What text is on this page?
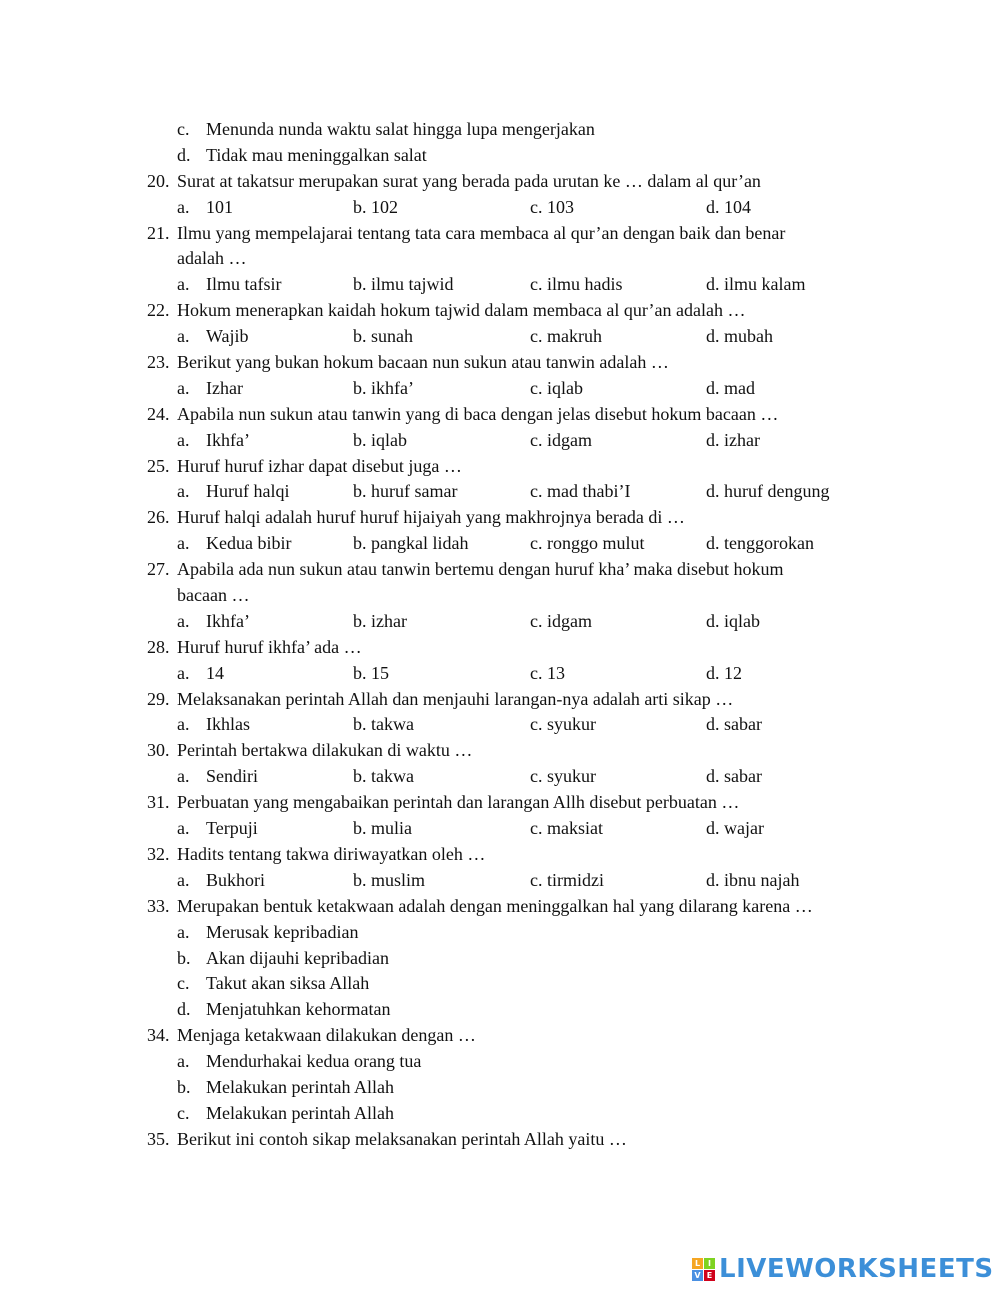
c. Menunda nunda waktu salat hingga lupa mengerjakan
d. Tidak mau meninggalkan salat
20. Surat at takatsur merupakan surat yang berada pada urutan ke … dalam al qur’an
a. 101	b. 102	c. 103	d. 104
21. Ilmu yang mempelajarai tentang tata cara membaca al qur’an dengan baik dan benar
adalah …
a. Ilmu tafsir	b. ilmu tajwid	c. ilmu hadis	d. ilmu kalam
22. Hokum menerapkan kaidah hokum tajwid dalam membaca al qur’an adalah …
a. Wajib	b. sunah	c. makruh	d. mubah
23. Berikut yang bukan hokum bacaan nun sukun atau tanwin adalah …
a. Izhar	b. ikhfa’	c. iqlab	d. mad
24. Apabila nun sukun atau tanwin yang di baca dengan jelas disebut hokum bacaan …
a. Ikhfa’	b. iqlab	c. idgam	d. izhar
25. Huruf huruf izhar dapat disebut juga …
a. Huruf halqi	b. huruf samar	c. mad thabi’I	d. huruf dengung
26. Huruf halqi adalah huruf huruf hijaiyah yang makhrojnya berada di …
a. Kedua bibir	b. pangkal lidah	c. ronggo mulut	d. tenggorokan
27. Apabila ada nun sukun atau tanwin bertemu dengan huruf kha’ maka disebut hokum
bacaan …
a. Ikhfa’	b. izhar	c. idgam	d. iqlab
28. Huruf huruf ikhfa’ ada …
a. 14	b. 15	c. 13	d. 12
29. Melaksanakan perintah Allah dan menjauhi larangan-nya adalah arti sikap …
a. Ikhlas	b. takwa	c. syukur	d. sabar
30. Perintah bertakwa dilakukan di waktu …
a. Sendiri	b. takwa	c. syukur	d. sabar
31. Perbuatan yang mengabaikan perintah dan larangan Allh disebut perbuatan …
a. Terpuji	b. mulia	c. maksiat	d. wajar
32. Hadits tentang takwa diriwayatkan oleh …
a. Bukhori	b. muslim	c. tirmidzi	d. ibnu najah
33. Merupakan bentuk ketakwaan adalah dengan meninggalkan hal yang dilarang karena …
a. Merusak kepribadian
b. Akan dijauhi kepribadian
c. Takut akan siksa Allah
d. Menjatuhkan kehormatan
34. Menjaga ketakwaan dilakukan dengan …
a. Mendurhakai kedua orang tua
b. Melakukan perintah Allah
c. Melakukan perintah Allah
35. Berikut ini contoh sikap melaksanakan perintah Allah yaitu …
L I
V E LIVEWORKSHEETS
